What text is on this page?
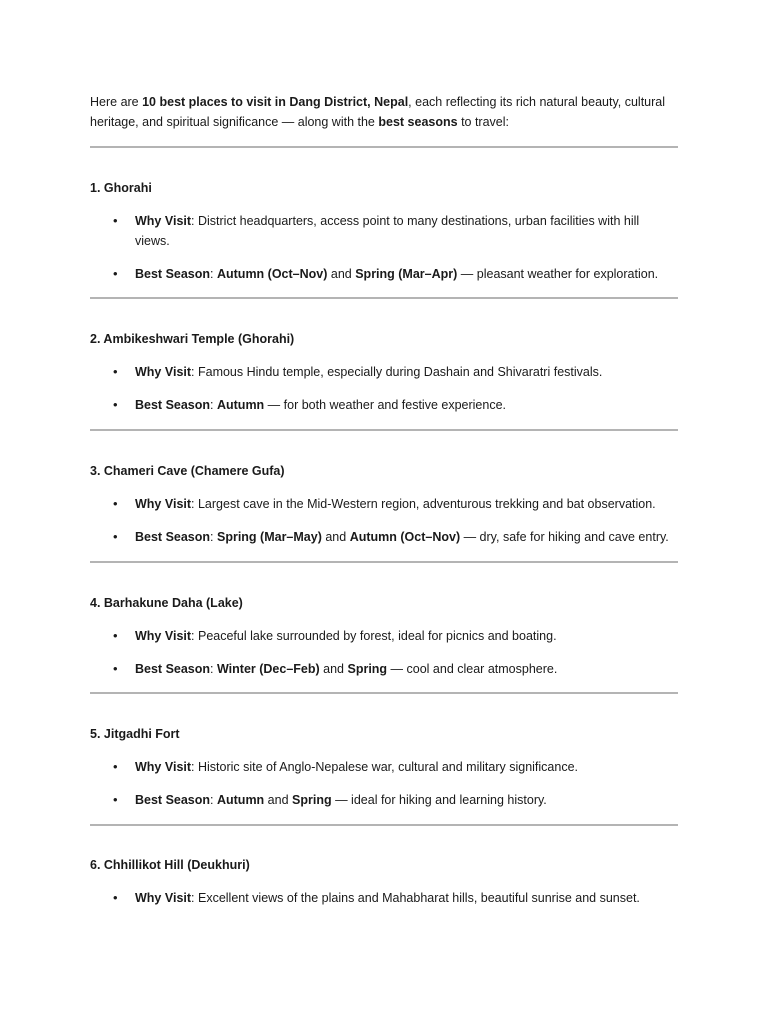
Here are 10 best places to visit in Dang District, Nepal, each reflecting its rich natural beauty, cultural heritage, and spiritual significance — along with the best seasons to travel:

1. Ghorahi

• Why Visit: District headquarters, access point to many destinations, urban facilities with hill views.

• Best Season: Autumn (Oct–Nov) and Spring (Mar–Apr) — pleasant weather for exploration.

2. Ambikeshwari Temple (Ghorahi)

• Why Visit: Famous Hindu temple, especially during Dashain and Shivaratri festivals.

• Best Season: Autumn — for both weather and festive experience.

3. Chameri Cave (Chamere Gufa)

• Why Visit: Largest cave in the Mid-Western region, adventurous trekking and bat observation.

• Best Season: Spring (Mar–May) and Autumn (Oct–Nov) — dry, safe for hiking and cave entry.

4. Barhakune Daha (Lake)

• Why Visit: Peaceful lake surrounded by forest, ideal for picnics and boating.

• Best Season: Winter (Dec–Feb) and Spring — cool and clear atmosphere.

5. Jitgadhi Fort

• Why Visit: Historic site of Anglo-Nepalese war, cultural and military significance.

• Best Season: Autumn and Spring — ideal for hiking and learning history.

6. Chhillikot Hill (Deukhuri)

• Why Visit: Excellent views of the plains and Mahabharat hills, beautiful sunrise and sunset.
